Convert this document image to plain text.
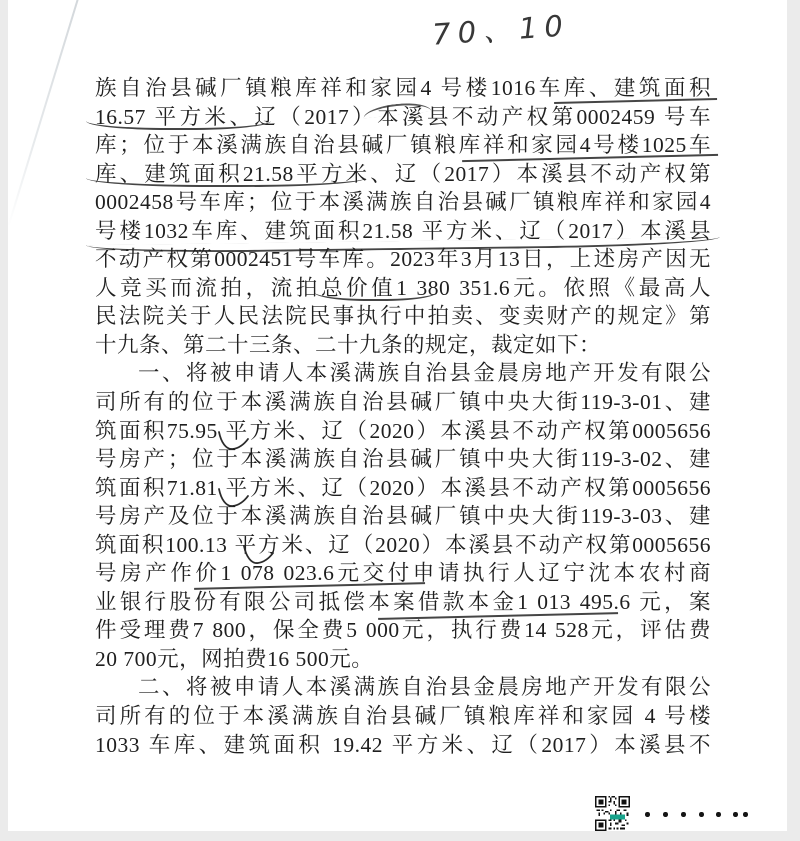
70、10
族自治县碱厂镇粮库祥和家园4 号楼1016车库、建筑面积
16.57 平方米、辽（2017）本溪县不动产权第0002459 号车
库；位于本溪满族自治县碱厂镇粮库祥和家园4号楼1025车
库、建筑面积21.58平方米、辽（2017）本溪县不动产权第
0002458号车库；位于本溪满族自治县碱厂镇粮库祥和家园4
号楼1032车库、建筑面积21.58 平方米、辽（2017）本溪县
不动产权第0002451号车库。2023年3月13日，上述房产因无
人竞买而流拍，流拍总价值1 380 351.6元。依照《最高人
民法院关于人民法院民事执行中拍卖、变卖财产的规定》第
十九条、第二十三条、二十九条的规定，裁定如下：
一、将被申请人本溪满族自治县金晨房地产开发有限公
司所有的位于本溪满族自治县碱厂镇中央大街119-3-01、建
筑面积75.95 平方米、辽（2020）本溪县不动产权第0005656
号房产；位于本溪满族自治县碱厂镇中央大街119-3-02、建
筑面积71.81 平方米、辽（2020）本溪县不动产权第0005656
号房产及位于本溪满族自治县碱厂镇中央大街119-3-03、建
筑面积100.13 平方米、辽（2020）本溪县不动产权第0005656
号房产作价1 078 023.6元交付申请执行人辽宁沈本农村商
业银行股份有限公司抵偿本案借款本金1 013 495.6 元，案
件受理费7 800，保全费5 000元，执行费14 528元，评估费
20 700元，网拍费16 500元。
二、将被申请人本溪满族自治县金晨房地产开发有限公
司所有的位于本溪满族自治县碱厂镇粮库祥和家园 4 号楼
1033 车库、建筑面积 19.42 平方米、辽（2017）本溪县不
